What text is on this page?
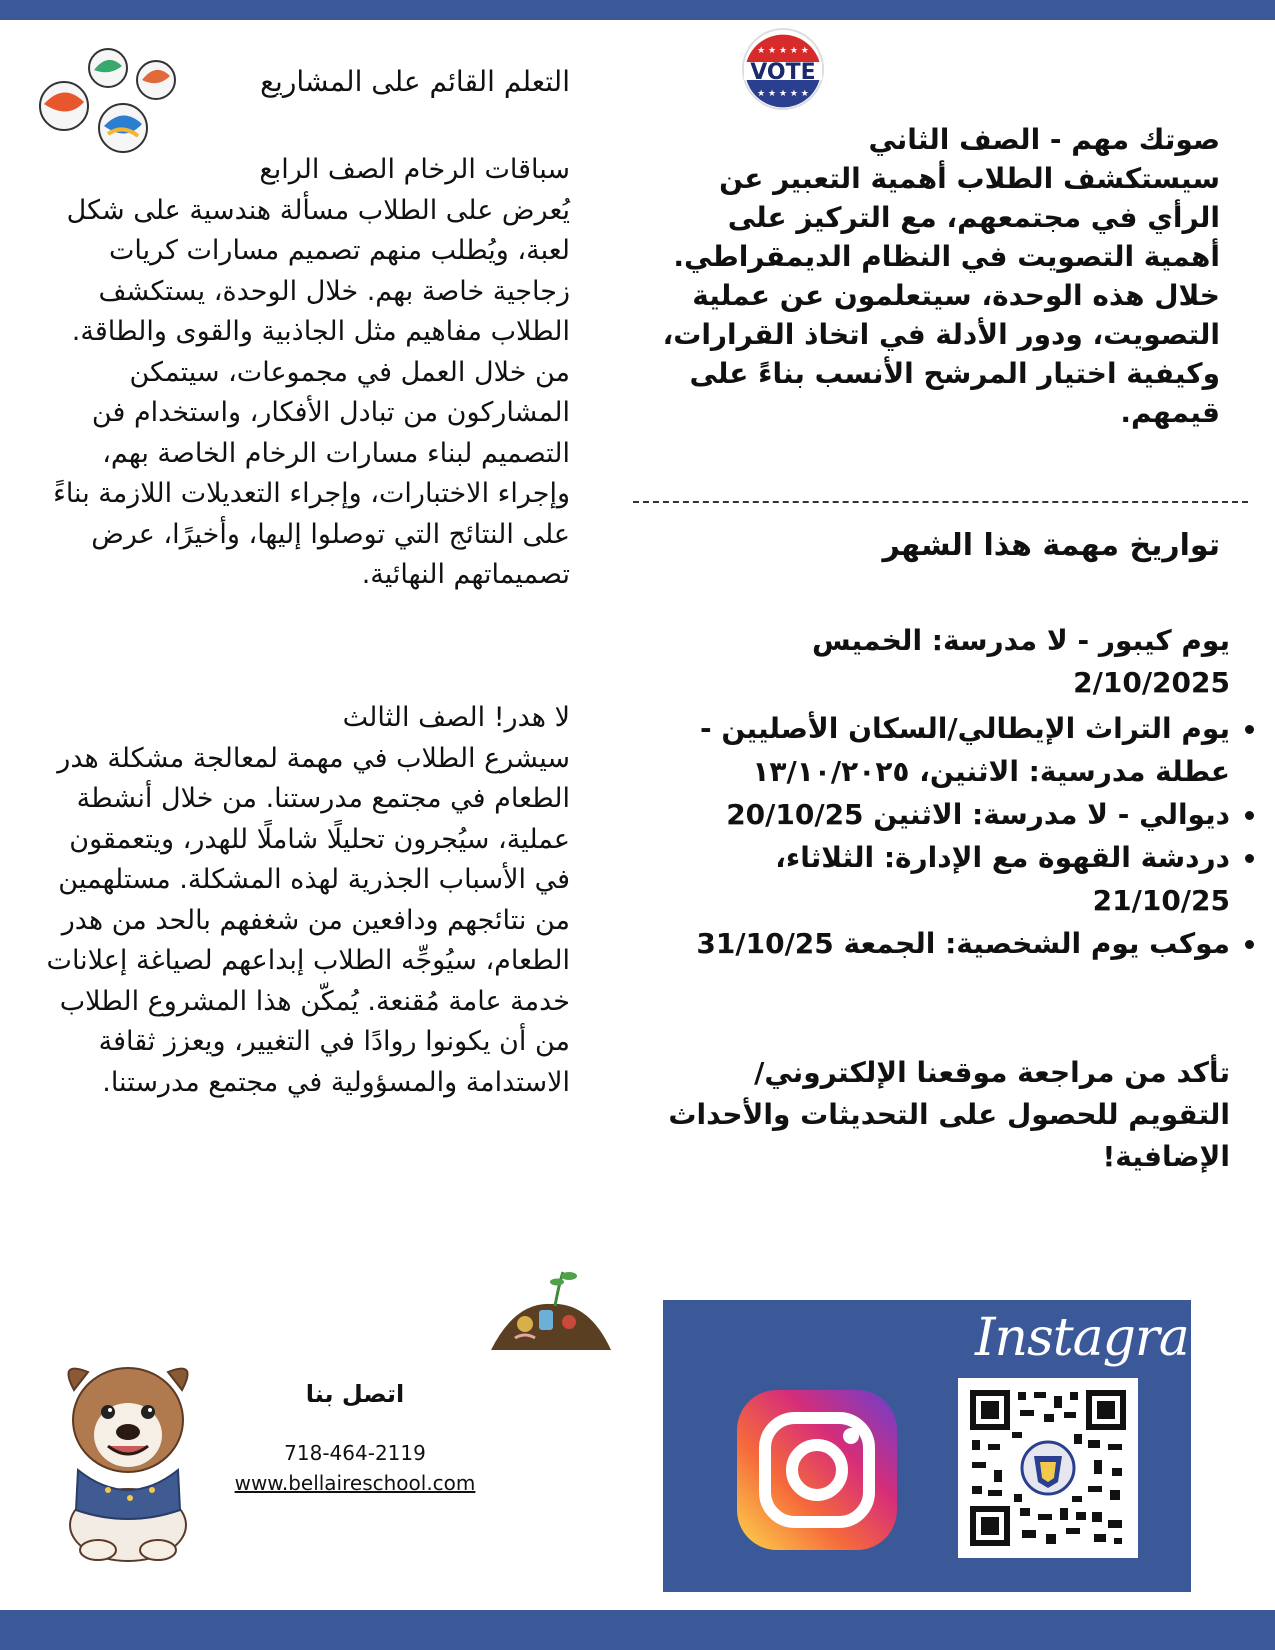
VOTE
★ ★ ★ ★ ★
★ ★ ★ ★ ★

صوتك مهم - الصف الثاني

سيستكشف الطلاب أهمية التعبير عن الرأي في مجتمعهم، مع التركيز على أهمية التصويت في النظام الديمقراطي. خلال هذه الوحدة، سيتعلمون عن عملية التصويت، ودور الأدلة في اتخاذ القرارات، وكيفية اختيار المرشح الأنسب بناءً على قيمهم.

تواريخ مهمة هذا الشهر
يوم كيبور - لا مدرسة: الخميس 2/10/2025
• يوم التراث الإيطالي/السكان الأصليين - عطلة مدرسية: الاثنين، ١٣/١٠/٢٠٢٥
• ديوالي - لا مدرسة: الاثنين 20/10/25
• دردشة القهوة مع الإدارة: الثلاثاء، 21/10/25
• موكب يوم الشخصية: الجمعة 31/10/25
تأكد من مراجعة موقعنا الإلكتروني/ التقويم للحصول على التحديثات والأحداث الإضافية!
التعلم القائم على المشاريع

سباقات الرخام الصف الرابع

يُعرض على الطلاب مسألة هندسية على شكل لعبة، ويُطلب منهم تصميم مسارات كريات زجاجية خاصة بهم. خلال الوحدة، يستكشف الطلاب مفاهيم مثل الجاذبية والقوى والطاقة.

من خلال العمل في مجموعات، سيتمكن المشاركون من تبادل الأفكار، واستخدام فن التصميم لبناء مسارات الرخام الخاصة بهم، وإجراء الاختبارات، وإجراء التعديلات اللازمة بناءً على النتائج التي توصلوا إليها، وأخيرًا، عرض تصميماتهم النهائية.

لا هدر! الصف الثالث

سيشرع الطلاب في مهمة لمعالجة مشكلة هدر الطعام في مجتمع مدرستنا. من خلال أنشطة عملية، سيُجرون تحليلًا شاملًا للهدر، ويتعمقون في الأسباب الجذرية لهذه المشكلة. مستلهمين من نتائجهم ودافعين من شغفهم بالحد من هدر الطعام، سيُوجِّه الطلاب إبداعهم لصياغة إعلانات خدمة عامة مُقنعة. يُمكّن هذا المشروع الطلاب من أن يكونوا روادًا في التغيير، ويعزز ثقافة الاستدامة والمسؤولية في مجتمع مدرستنا.

اتصل بنا
718-464-2119
www.bellaireschool.com
Instagram
